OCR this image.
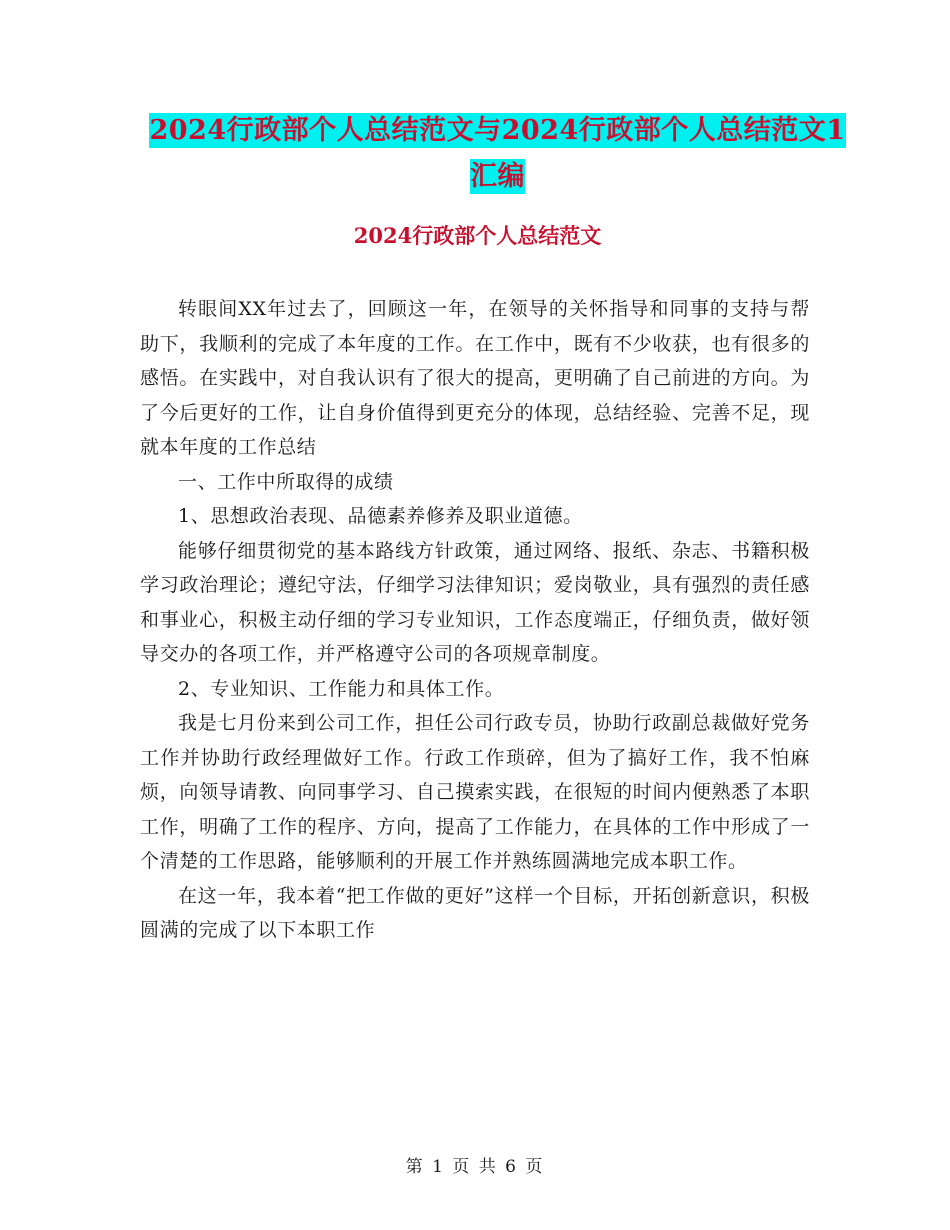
2024行政部个人总结范文与2024行政部个人总结范文1汇编
2024行政部个人总结范文

转眼间XX年过去了，回顾这一年，在领导的关怀指导和同事的支持与帮助下，我顺利的完成了本年度的工作。在工作中，既有不少收获，也有很多的感悟。在实践中，对自我认识有了很大的提高，更明确了自己前进的方向。为了今后更好的工作，让自身价值得到更充分的体现，总结经验、完善不足，现就本年度的工作总结

一、工作中所取得的成绩

1、思想政治表现、品德素养修养及职业道德。

能够仔细贯彻党的基本路线方针政策，通过网络、报纸、杂志、书籍积极学习政治理论；遵纪守法，仔细学习法律知识；爱岗敬业，具有强烈的责任感和事业心，积极主动仔细的学习专业知识，工作态度端正，仔细负责，做好领导交办的各项工作，并严格遵守公司的各项规章制度。

2、专业知识、工作能力和具体工作。

我是七月份来到公司工作，担任公司行政专员，协助行政副总裁做好党务工作并协助行政经理做好工作。行政工作琐碎，但为了搞好工作，我不怕麻烦，向领导请教、向同事学习、自己摸索实践，在很短的时间内便熟悉了本职工作，明确了工作的程序、方向，提高了工作能力，在具体的工作中形成了一个清楚的工作思路，能够顺利的开展工作并熟练圆满地完成本职工作。

在这一年，我本着“把工作做的更好”这样一个目标，开拓创新意识，积极圆满的完成了以下本职工作

第 1 页 共 6 页
